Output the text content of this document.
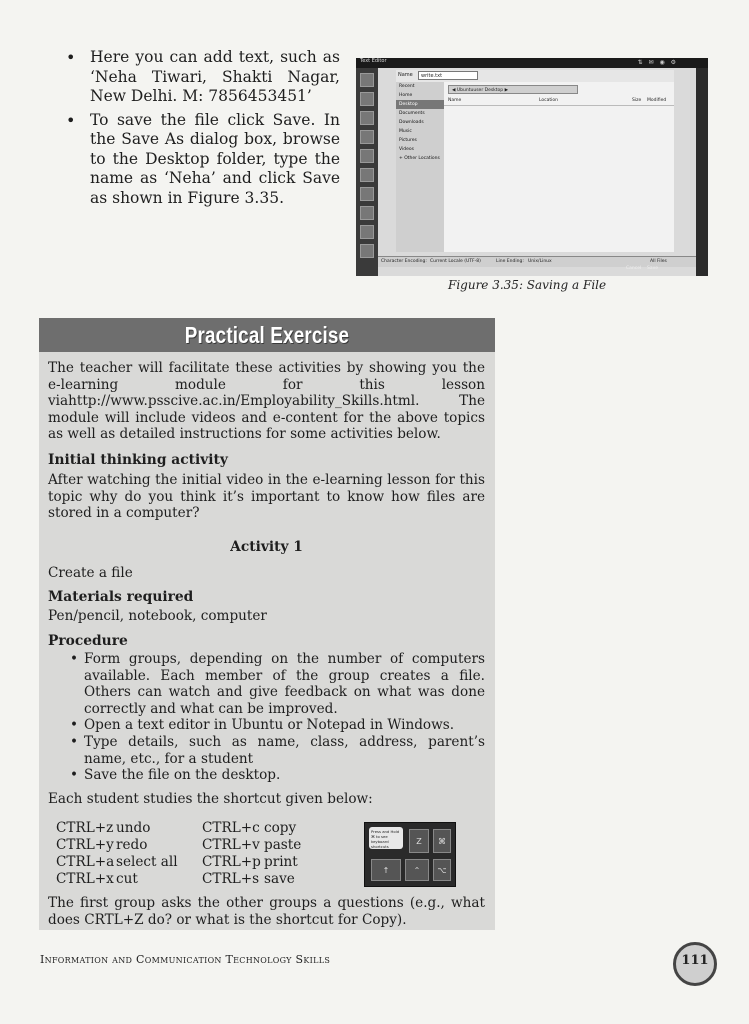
• Here you can add text, such as ‘Neha Tiwari, Shakti Nagar, New Delhi. M: 7856453451’
• To save the file click Save. In the Save As dialog box, browse to the Desktop folder, type the name as ‘Neha’ and click Save as shown in Figure 3.35.
Text Editor	⇅ ✉ ◉ ⚙
Name	write.txt
Recent
Home
Desktop
Documents
Downloads
Music
Pictures
Videos
+ Other Locations
◀ Ubuntuuser Desktop ▶
Name	Location	Size Modified
Character Encoding: Current Locale (UTF-8)	Line Ending: Unix/Linux	All Files
Cancel Save
Figure 3.35: Saving a File
Practical Exercise
The teacher will facilitate these activities by showing you the e-learning module for this lesson viahttp://www.psscive.ac.in/Employability_Skills.html. The module will include videos and e-content for the above topics as well as detailed instructions for some activities below.
Initial thinking activity
After watching the initial video in the e-learning lesson for this topic why do you think it’s important to know how files are stored in a computer?
Activity 1
Create a file
Materials required
Pen/pencil, notebook, computer
Procedure
• Form groups, depending on the number of computers available. Each member of the group creates a file. Others can watch and give feedback on what was done correctly and what can be improved.
• Open a text editor in Ubuntu or Notepad in Windows.
• Type details, such as name, class, address, parent’s name, etc., for a student
• Save the file on the desktop.
Each student studies the shortcut given below:
CTRL+z undo	CTRL+c copy
CTRL+y redo	CTRL+v paste
CTRL+a select all CTRL+p print
CTRL+x cut	CTRL+s save
Press and Hold ⌘ to see keyboard shortcuts
Z	⌘
↑	⌃	⌥
The first group asks the other groups a questions (e.g., what does CRTL+Z do? or what is the shortcut for Copy).
Information and Communication Technology Skills	111
